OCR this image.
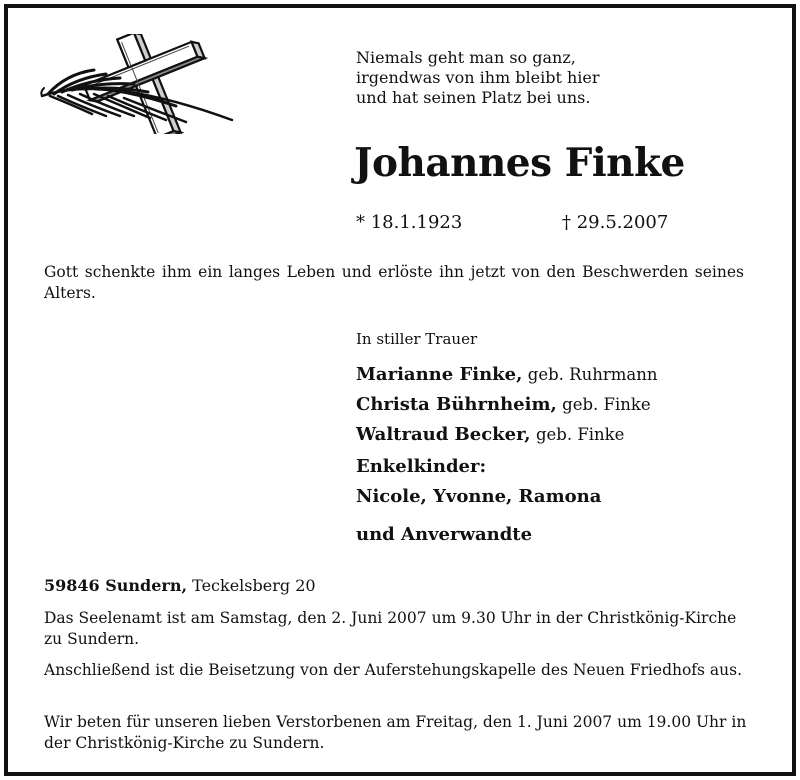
Niemals geht man so ganz,
irgendwas von ihm bleibt hier
und hat seinen Platz bei uns.
Johannes Finke
* 18.1.1923	† 29.5.2007
Gott schenkte ihm ein langes Leben und erlöste ihn jetzt von den Beschwerden seines Alters.
In stiller Trauer
Marianne Finke, geb. Ruhrmann
Christa Bührnheim, geb. Finke
Waltraud Becker, geb. Finke
Enkelkinder:
Nicole, Yvonne, Ramona
und Anverwandte
59846 Sundern, Teckelsberg 20
Das Seelenamt ist am Samstag, den 2. Juni 2007 um 9.30 Uhr in der Christkönig-Kirche zu Sundern.
Anschließend ist die Beisetzung von der Auferstehungskapelle des Neuen Friedhofs aus.
Wir beten für unseren lieben Verstorbenen am Freitag, den 1. Juni 2007 um 19.00 Uhr in der Christkönig-Kirche zu Sundern.
